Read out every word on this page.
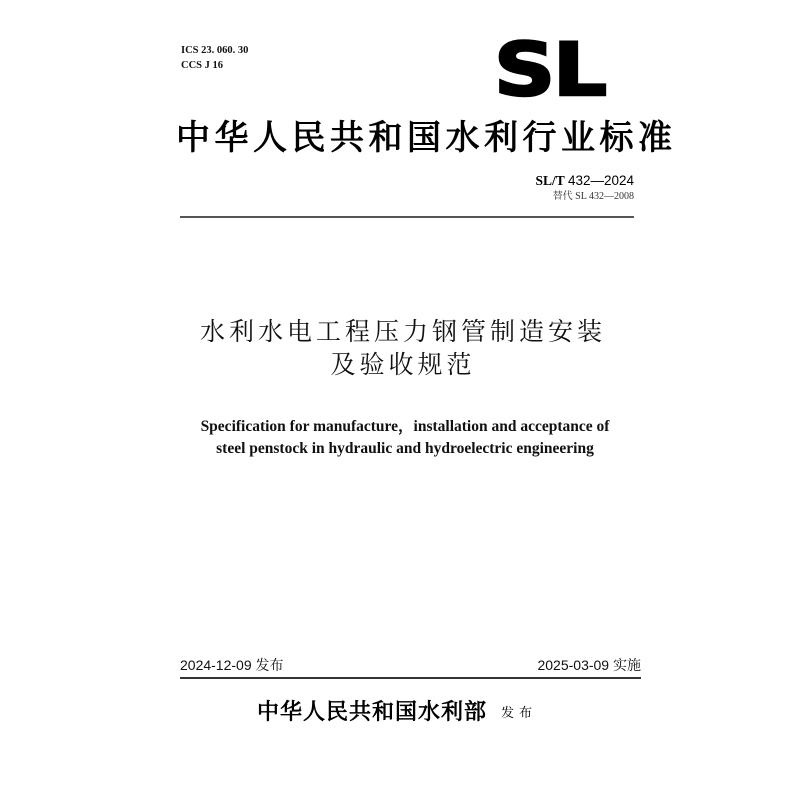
ICS 23. 060. 30
CCS J 16	SL
中华人民共和国水利行业标准
SL/T 432—2024
替代 SL 432—2008
水利水电工程压力钢管制造安装
及验收规范
Specification for manufacture，installation and acceptance of
steel penstock in hydraulic and hydroelectric engineering
2024-12-09 发布	2025-03-09 实施
中华人民共和国水利部 发布
